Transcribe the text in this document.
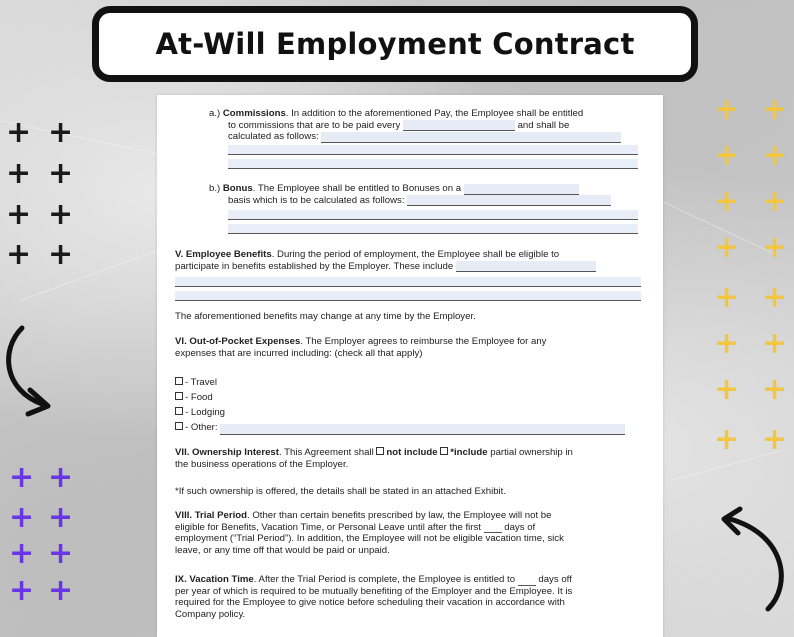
At-Will Employment Contract
+ +
+ +
+ +
+ +
+ +
+ +
+ +
+ +
+ +
+ +
+ +
+ +
+ +
+ +
+ +
+ +
a.) Commissions. In addition to the aforementioned Pay, the Employee shall be entitled
to commissions that are to be paid every	and shall be
calculated as follows:
b.) Bonus. The Employee shall be entitled to Bonuses on a
basis which is to be calculated as follows:
V. Employee Benefits. During the period of employment, the Employee shall be eligible to
participate in benefits established by the Employer. These include
The aforementioned benefits may change at any time by the Employer.
VI. Out-of-Pocket Expenses. The Employer agrees to reimburse the Employee for any
expenses that are incurred including: (check all that apply)
- Travel
- Food
- Lodging
- Other:
VII. Ownership Interest. This Agreement shall not include *include partial ownership in
the business operations of the Employer.
*If such ownership is offered, the details shall be stated in an attached Exhibit.
VIII. Trial Period. Other than certain benefits prescribed by law, the Employee will not be
eligible for Benefits, Vacation Time, or Personal Leave until after the first days of
employment (“Trial Period”). In addition, the Employee will not be eligible vacation time, sick
leave, or any time off that would be paid or unpaid.
IX. Vacation Time. After the Trial Period is complete, the Employee is entitled to days off
per year of which is required to be mutually benefiting of the Employer and the Employee. It is
required for the Employee to give notice before scheduling their vacation in accordance with
Company policy.
